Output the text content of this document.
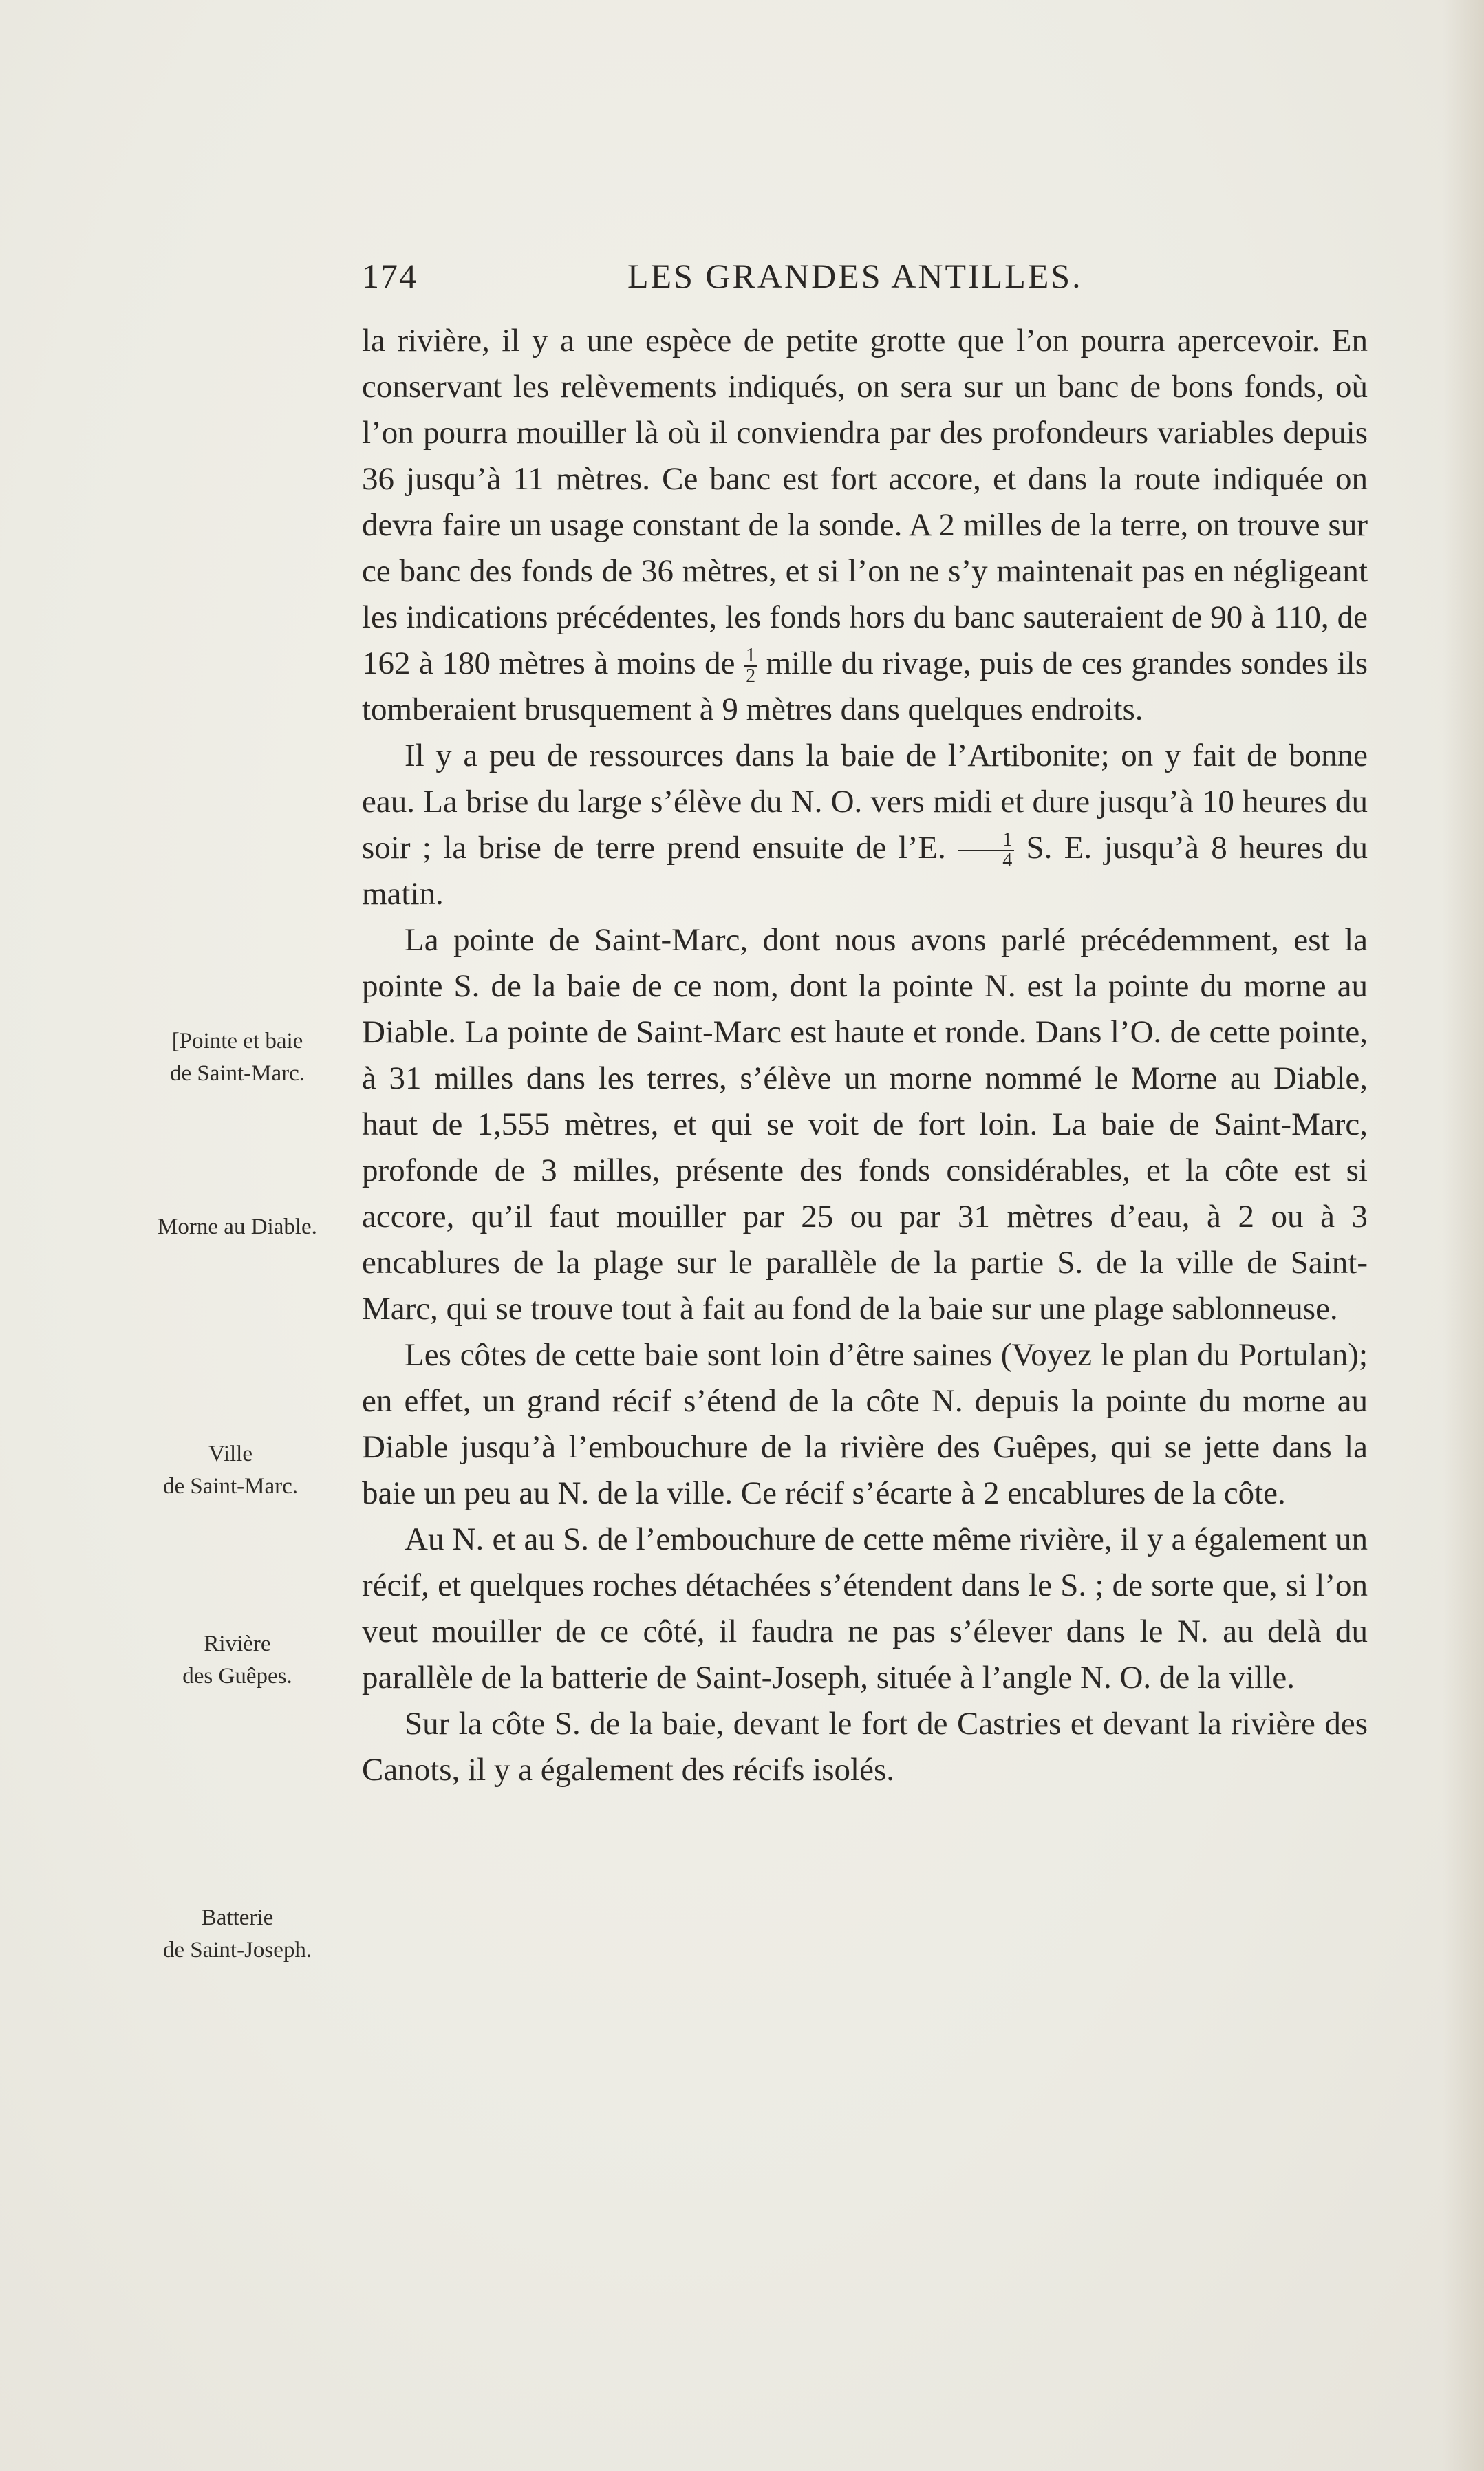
174	LES GRANDES ANTILLES.
[Pointe et baie
de Saint-Marc.
Morne au Diable.
Ville
de Saint-Marc.
Rivière
des Guêpes.
Batterie
de Saint-Joseph.

la rivière, il y a une espèce de petite grotte que l’on pourra apercevoir. En conservant les relèvements indiqués, on sera sur un banc de bons fonds, où l’on pourra mouiller là où il conviendra par des profondeurs variables depuis 36 jusqu’à 11 mètres. Ce banc est fort accore, et dans la route indiquée on devra faire un usage constant de la sonde. A 2 milles de la terre, on trouve sur ce banc des fonds de 36 mètres, et si l’on ne s’y maintenait pas en négligeant les indications précédentes, les fonds hors du banc sauteraient de 90 à 110, de 162 à 180 mètres à moins de $\frac{1}{2}$ mille du rivage, puis de ces grandes sondes ils tomberaient brusquement à 9 mètres dans quelques endroits.

Il y a peu de ressources dans la baie de l’Artibonite; on y fait de bonne eau. La brise du large s’élève du N. O. vers midi et dure jusqu’à 10 heures du soir ; la brise de terre prend ensuite de l’E. $\frac{1}{4} S$. E. jusqu’à 8 heures du matin.

La pointe de Saint-Marc, dont nous avons parlé précédemment, est la pointe S. de la baie de ce nom, dont la pointe N. est la pointe du morne au Diable. La pointe de Saint-Marc est haute et ronde. Dans l’O. de cette pointe, à 31 milles dans les terres, s’élève un morne nommé le Morne au Diable, haut de 1,555 mètres, et qui se voit de fort loin. La baie de Saint-Marc, profonde de 3 milles, présente des fonds considérables, et la côte est si accore, qu’il faut mouiller par 25 ou par 31 mètres d’eau, à 2 ou à 3 encablures de la plage sur le parallèle de la partie S. de la ville de Saint-Marc, qui se trouve tout à fait au fond de la baie sur une plage sablonneuse.

Les côtes de cette baie sont loin d’être saines (Voyez le plan du Portulan); en effet, un grand récif s’étend de la côte N. depuis la pointe du morne au Diable jusqu’à l’embouchure de la rivière des Guêpes, qui se jette dans la baie un peu au N. de la ville. Ce récif s’écarte à 2 encablures de la côte.

Au N. et au S. de l’embouchure de cette même rivière, il y a également un récif, et quelques roches détachées s’étendent dans le S. ; de sorte que, si l’on veut mouiller de ce côté, il faudra ne pas s’élever dans le N. au delà du parallèle de la batterie de Saint-Joseph, située à l’angle N. O. de la ville.

Sur la côte S. de la baie, devant le fort de Castries et devant la rivière des Canots, il y a également des récifs isolés.
